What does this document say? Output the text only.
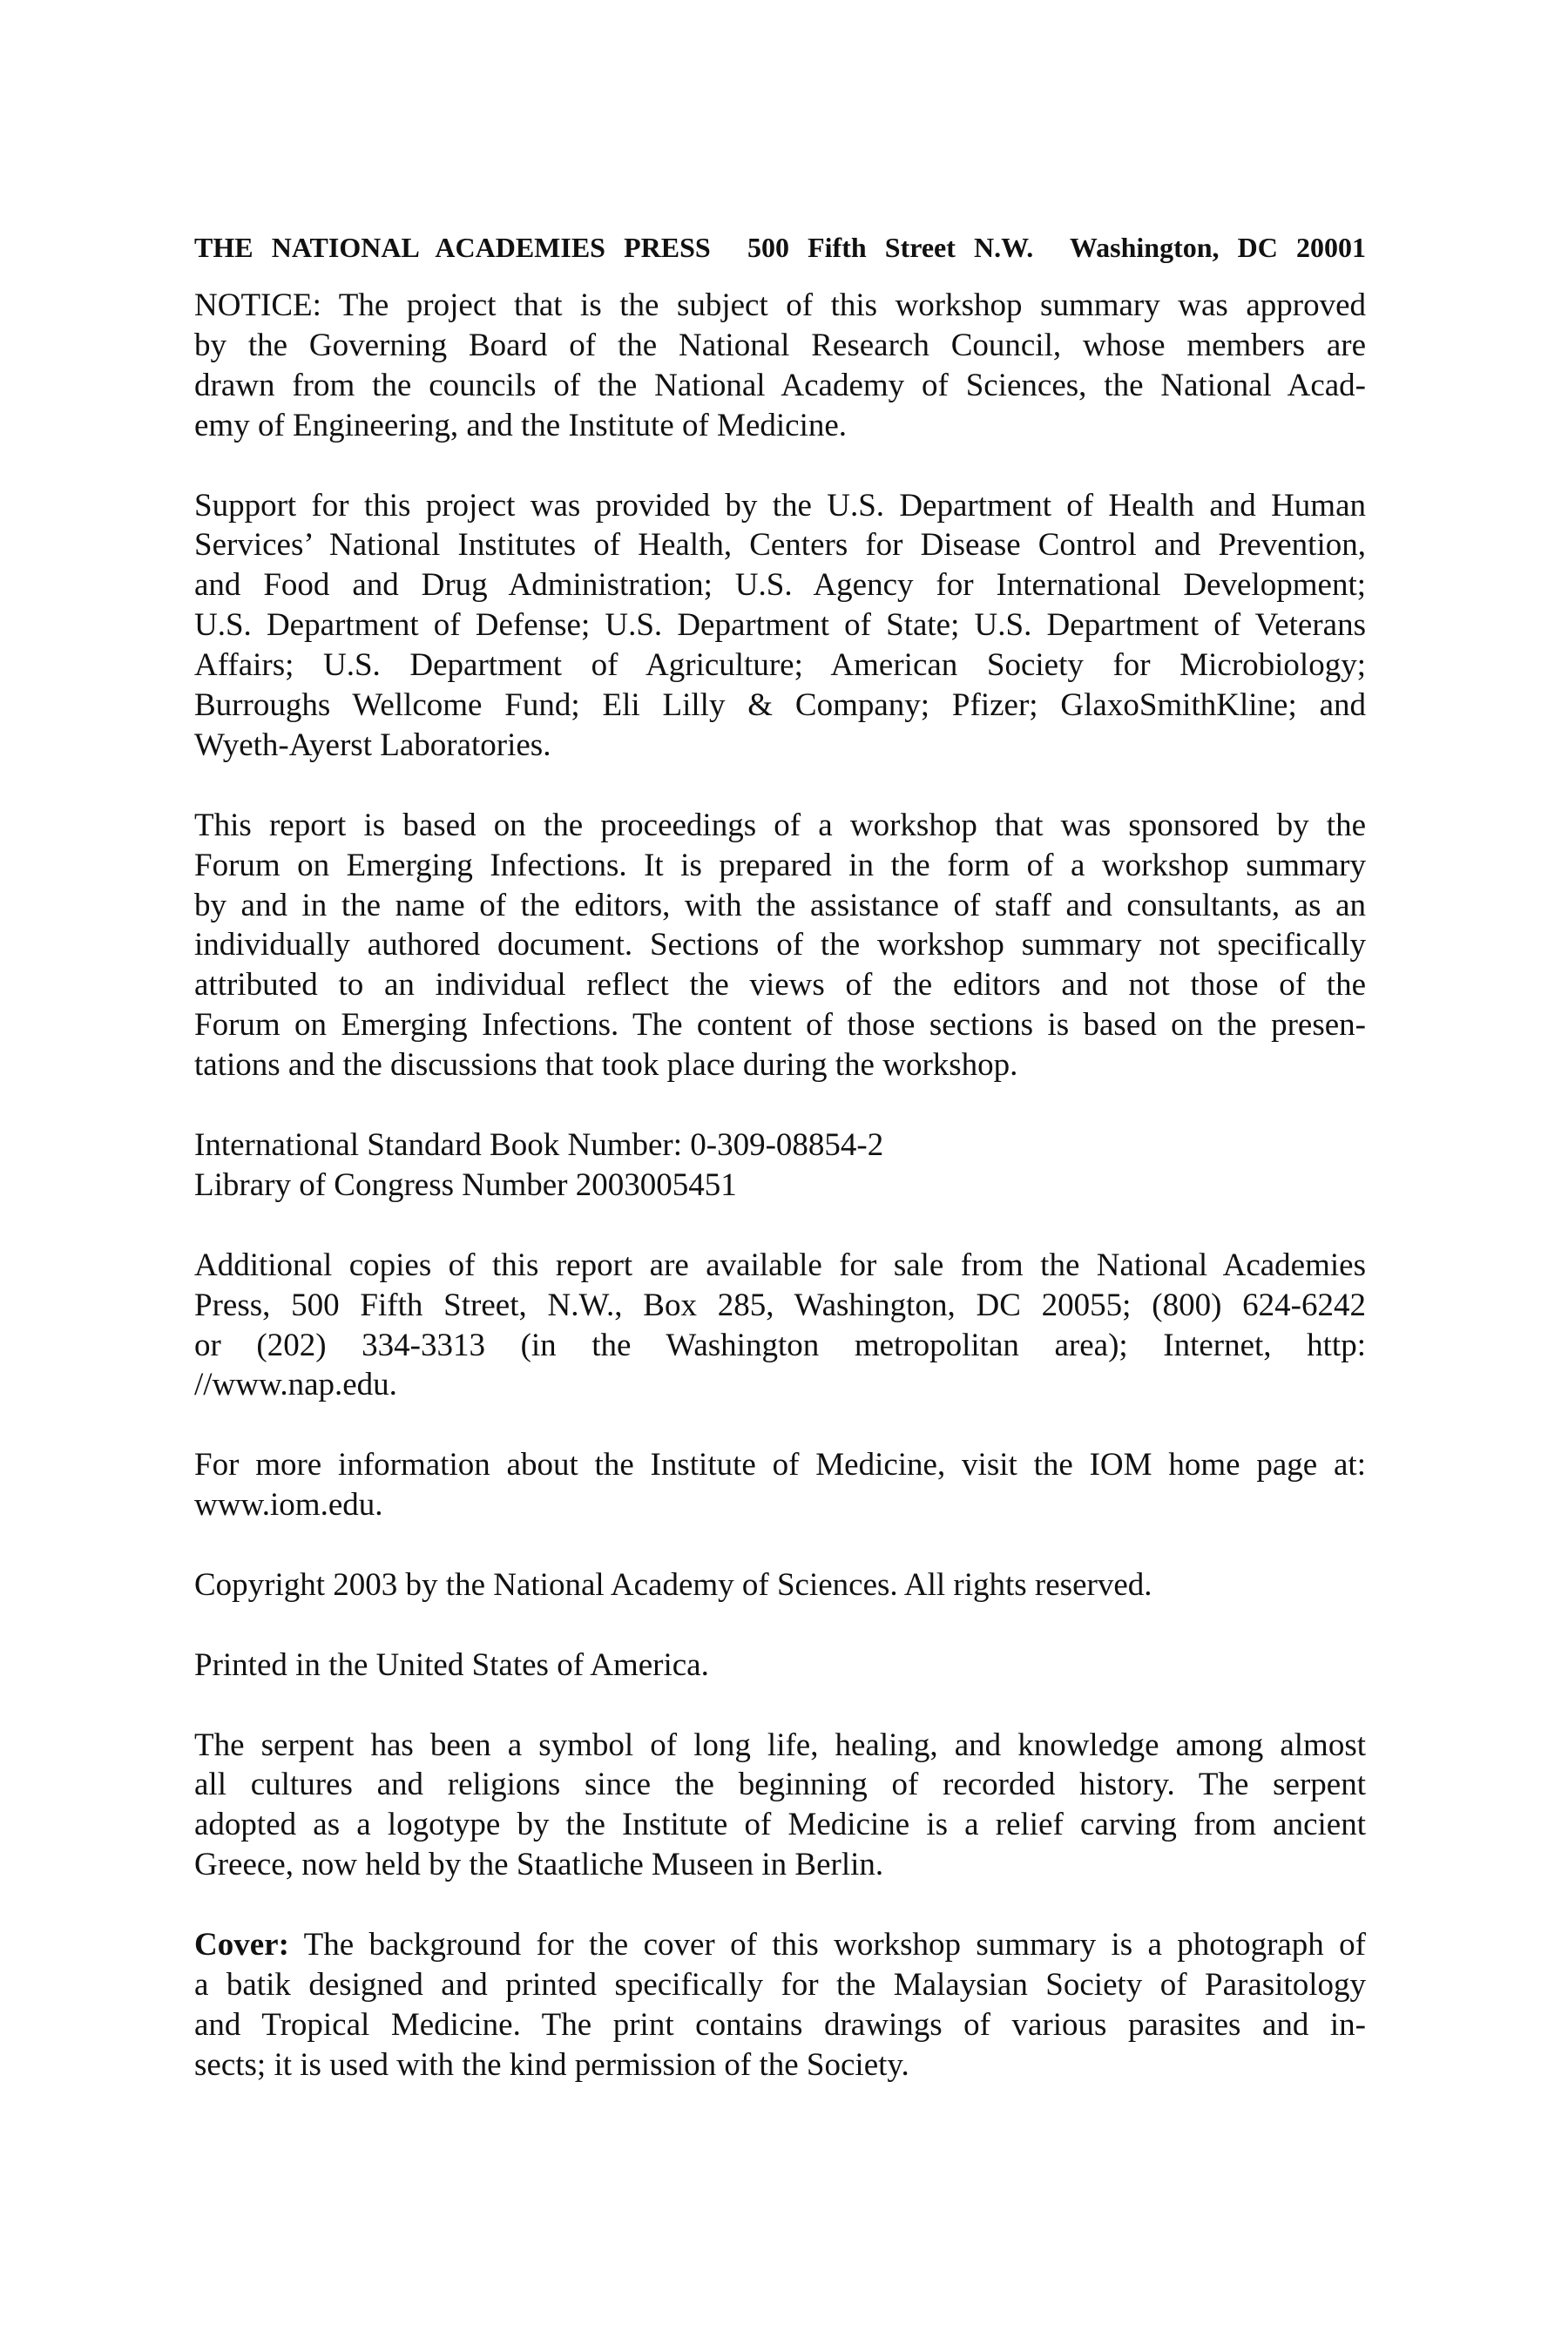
THE NATIONAL ACADEMIES PRESS 500 Fifth Street N.W. Washington, DC 20001

NOTICE: The project that is the subject of this workshop summary was approved
by the Governing Board of the National Research Council, whose members are
drawn from the councils of the National Academy of Sciences, the National Acad-
emy of Engineering, and the Institute of Medicine.

Support for this project was provided by the U.S. Department of Health and Human
Services’ National Institutes of Health, Centers for Disease Control and Prevention,
and Food and Drug Administration; U.S. Agency for International Development;
U.S. Department of Defense; U.S. Department of State; U.S. Department of Veterans
Affairs; U.S. Department of Agriculture; American Society for Microbiology;
Burroughs Wellcome Fund; Eli Lilly & Company; Pfizer; GlaxoSmithKline; and
Wyeth-Ayerst Laboratories.

This report is based on the proceedings of a workshop that was sponsored by the
Forum on Emerging Infections. It is prepared in the form of a workshop summary
by and in the name of the editors, with the assistance of staff and consultants, as an
individually authored document. Sections of the workshop summary not specifically
attributed to an individual reflect the views of the editors and not those of the
Forum on Emerging Infections. The content of those sections is based on the presen-
tations and the discussions that took place during the workshop.

International Standard Book Number: 0-309-08854-2
Library of Congress Number 2003005451

Additional copies of this report are available for sale from the National Academies
Press, 500 Fifth Street, N.W., Box 285, Washington, DC 20055; (800) 624-6242
or (202) 334-3313 (in the Washington metropolitan area); Internet, http:
//www.nap.edu.

For more information about the Institute of Medicine, visit the IOM home page at:
www.iom.edu.

Copyright 2003 by the National Academy of Sciences. All rights reserved.

Printed in the United States of America.

The serpent has been a symbol of long life, healing, and knowledge among almost
all cultures and religions since the beginning of recorded history. The serpent
adopted as a logotype by the Institute of Medicine is a relief carving from ancient
Greece, now held by the Staatliche Museen in Berlin.

Cover: The background for the cover of this workshop summary is a photograph of
a batik designed and printed specifically for the Malaysian Society of Parasitology
and Tropical Medicine. The print contains drawings of various parasites and in-
sects; it is used with the kind permission of the Society.
